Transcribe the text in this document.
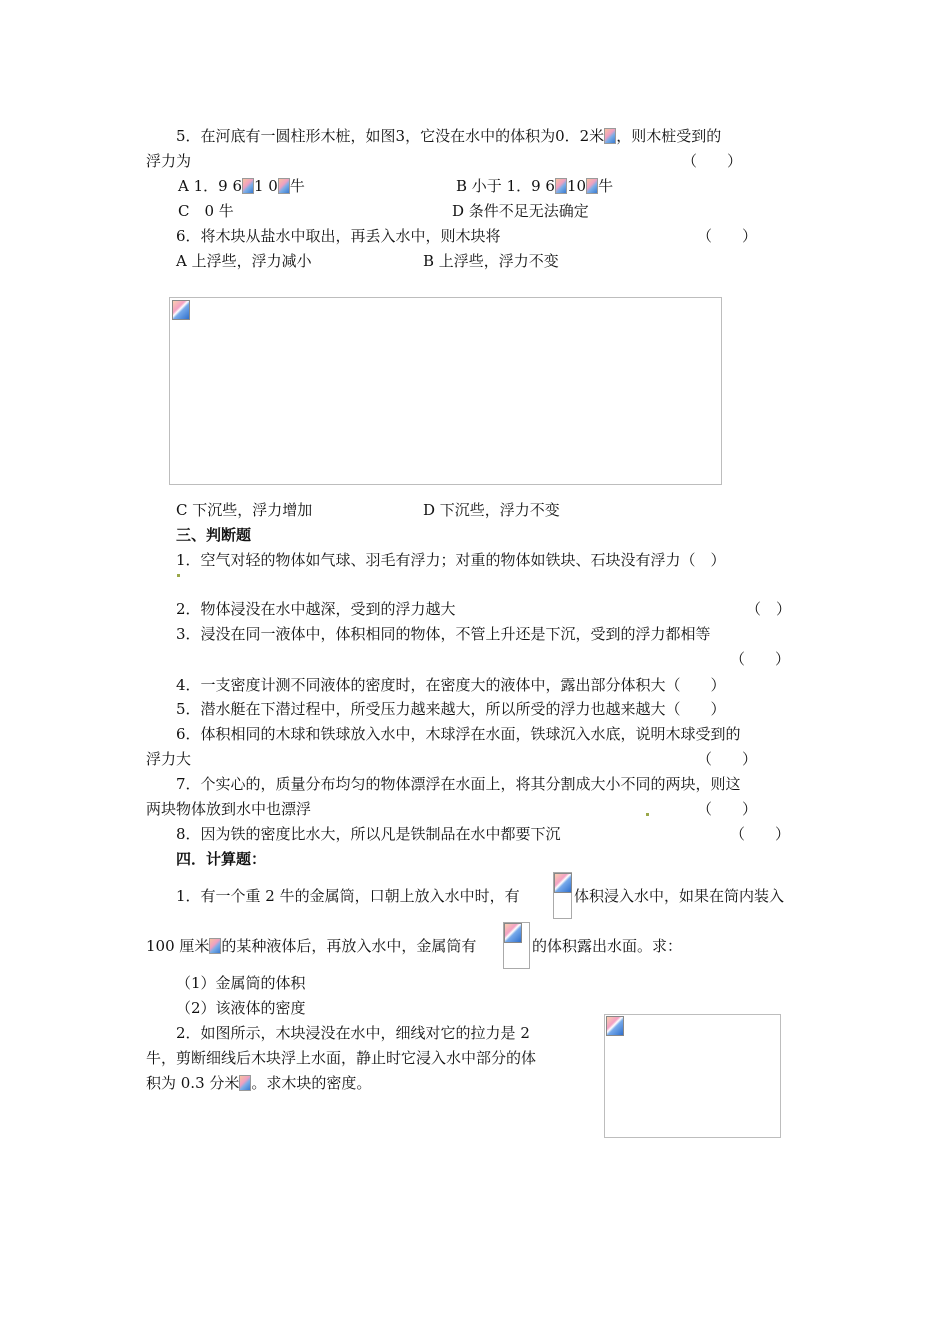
5．在河底有一圆柱形木桩，如图3，它没在水中的体积为0．2米 ，则木桩受到的
浮力为	（　　）
A 1．9 6 1 0 牛	B 小于 1．9 6 10 牛
C　0 牛	D 条件不足无法确定
6．将木块从盐水中取出，再丢入水中，则木块将	（　　）
A 上浮些，浮力减小	B 上浮些，浮力不变
C 下沉些，浮力增加	D 下沉些，浮力不变
三、判断题
1．空气对轻的物体如气球、羽毛有浮力；对重的物体如铁块、石块没有浮力（　）
2．物体浸没在水中越深，受到的浮力越大	（　）
3．浸没在同一液体中，体积相同的物体，不管上升还是下沉，受到的浮力都相等
（　　）
4．一支密度计测不同液体的密度时，在密度大的液体中，露出部分体积大（　　）
5．潜水艇在下潜过程中，所受压力越来越大，所以所受的浮力也越来越大（　　）
6．体积相同的木球和铁球放入水中，木球浮在水面，铁球沉入水底，说明木球受到的
浮力大	（　　）
7．个实心的，质量分布均匀的物体漂浮在水面上，将其分割成大小不同的两块，则这
两块物体放到水中也漂浮	（　　）
8．因为铁的密度比水大，所以凡是铁制品在水中都要下沉	（　　）
四．计算题：
1．有一个重 2 牛的金属筒，口朝上放入水中时，有	体积浸入水中，如果在筒内装入
100 厘米 的某种液体后，再放入水中，金属筒有	的体积露出水面。求：
（1）金属筒的体积
（2）该液体的密度
2．如图所示，木块浸没在水中，细线对它的拉力是 2
牛，剪断细线后木块浮上水面，静止时它浸入水中部分的体
积为 0.3 分米 。求木块的密度。
